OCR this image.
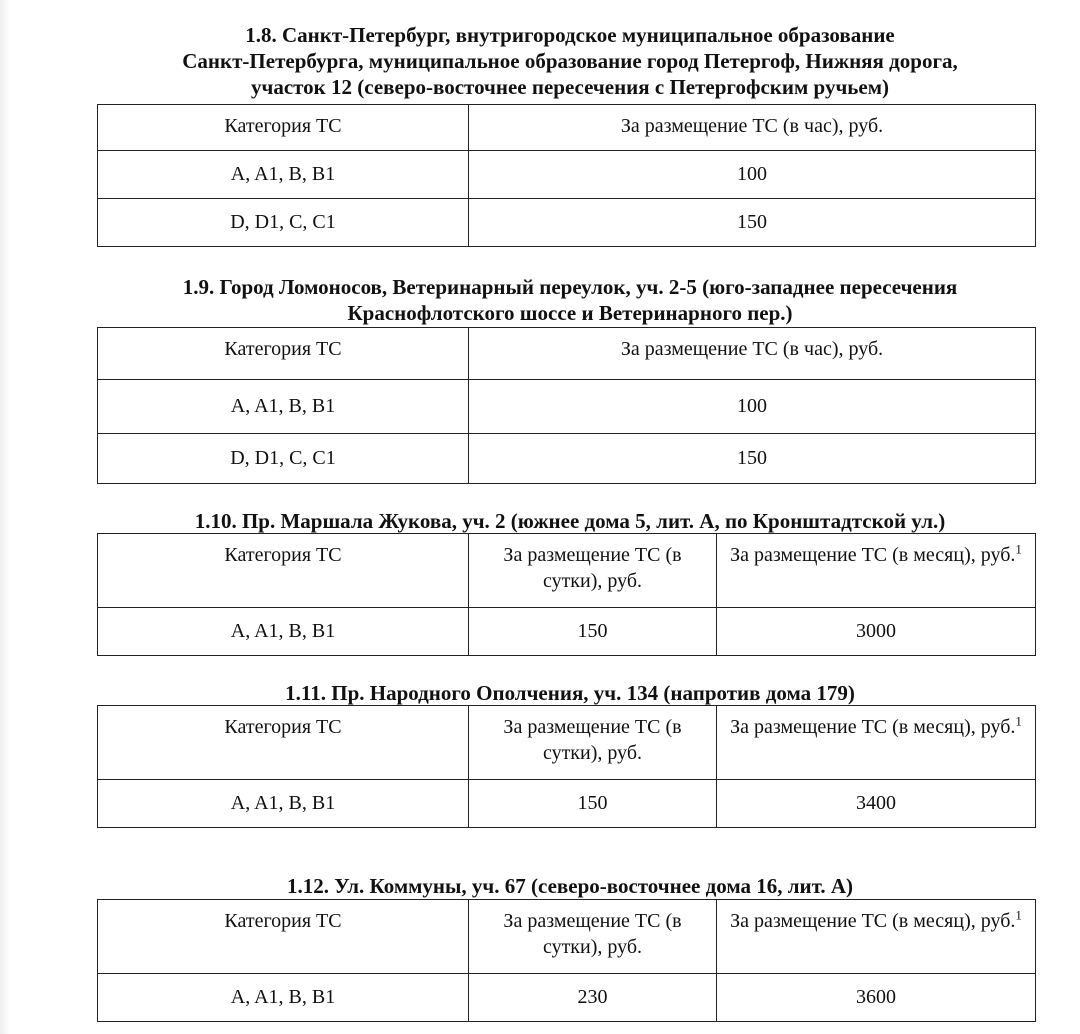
1.8. Санкт-Петербург, внутригородское муниципальное образование
Санкт-Петербурга, муниципальное образование город Петергоф, Нижняя дорога,
участок 12 (северо-восточнее пересечения с Петергофским ручьем)
Категория ТС	За размещение ТС (в час), руб.
A, A1, B, B1	100
D, D1, C, C1	150
1.9. Город Ломоносов, Ветеринарный переулок, уч. 2-5 (юго-западнее пересечения
Краснофлотского шоссе и Ветеринарного пер.)
Категория ТС	За размещение ТС (в час), руб.
A, A1, B, B1	100
D, D1, C, C1	150
1.10. Пр. Маршала Жукова, уч. 2 (южнее дома 5, лит. А, по Кронштадтской ул.)
Категория ТС	За размещение ТС (в сутки), руб.	За размещение ТС (в месяц), руб.$^1$
A, A1, B, B1	150	3000
1.11. Пр. Народного Ополчения, уч. 134 (напротив дома 179)
Категория ТС	За размещение ТС (в сутки), руб.	За размещение ТС (в месяц), руб.$^1$
A, A1, B, B1	150	3400
1.12. Ул. Коммуны, уч. 67 (северо-восточнее дома 16, лит. А)
Категория ТС	За размещение ТС (в сутки), руб.	За размещение ТС (в месяц), руб.$^1$
A, A1, B, B1	230	3600
